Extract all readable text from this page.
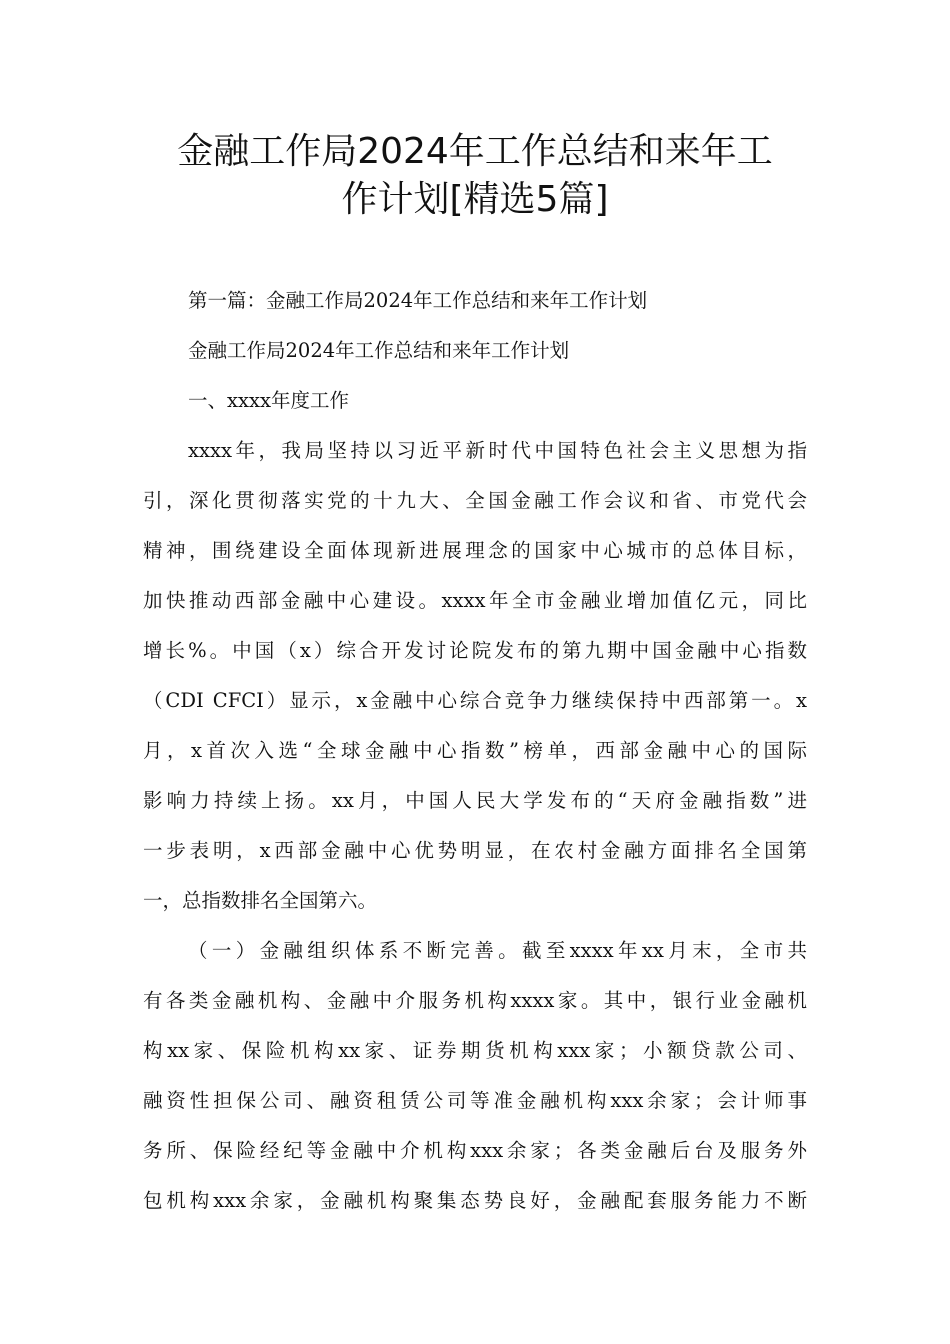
金融工作局2024年工作总结和来年工
作计划[精选5篇]

第一篇：金融工作局2024年工作总结和来年工作计划

金融工作局2024年工作总结和来年工作计划

一、xxxx年度工作

xxxx年，我局坚持以习近平新时代中国特色社会主义思想为指
引，深化贯彻落实党的十九大、全国金融工作会议和省、市党代会
精神，围绕建设全面体现新进展理念的国家中心城市的总体目标，
加快推动西部金融中心建设。xxxx年全市金融业增加值亿元，同比
增长%。中国（x）综合开发讨论院发布的第九期中国金融中心指数
（CDI CFCI）显示，x金融中心综合竞争力继续保持中西部第一。x
月，x首次入选“全球金融中心指数”榜单，西部金融中心的国际
影响力持续上扬。xx月，中国人民大学发布的“天府金融指数”进
一步表明，x西部金融中心优势明显，在农村金融方面排名全国第
一，总指数排名全国第六。

（一）金融组织体系不断完善。截至xxxx年xx月末，全市共
有各类金融机构、金融中介服务机构xxxx家。其中，银行业金融机
构xx家、保险机构xx家、证券期货机构xxx家；小额贷款公司、
融资性担保公司、融资租赁公司等准金融机构xxx余家；会计师事
务所、保险经纪等金融中介机构xxx余家；各类金融后台及服务外
包机构xxx余家，金融机构聚集态势良好，金融配套服务能力不断
